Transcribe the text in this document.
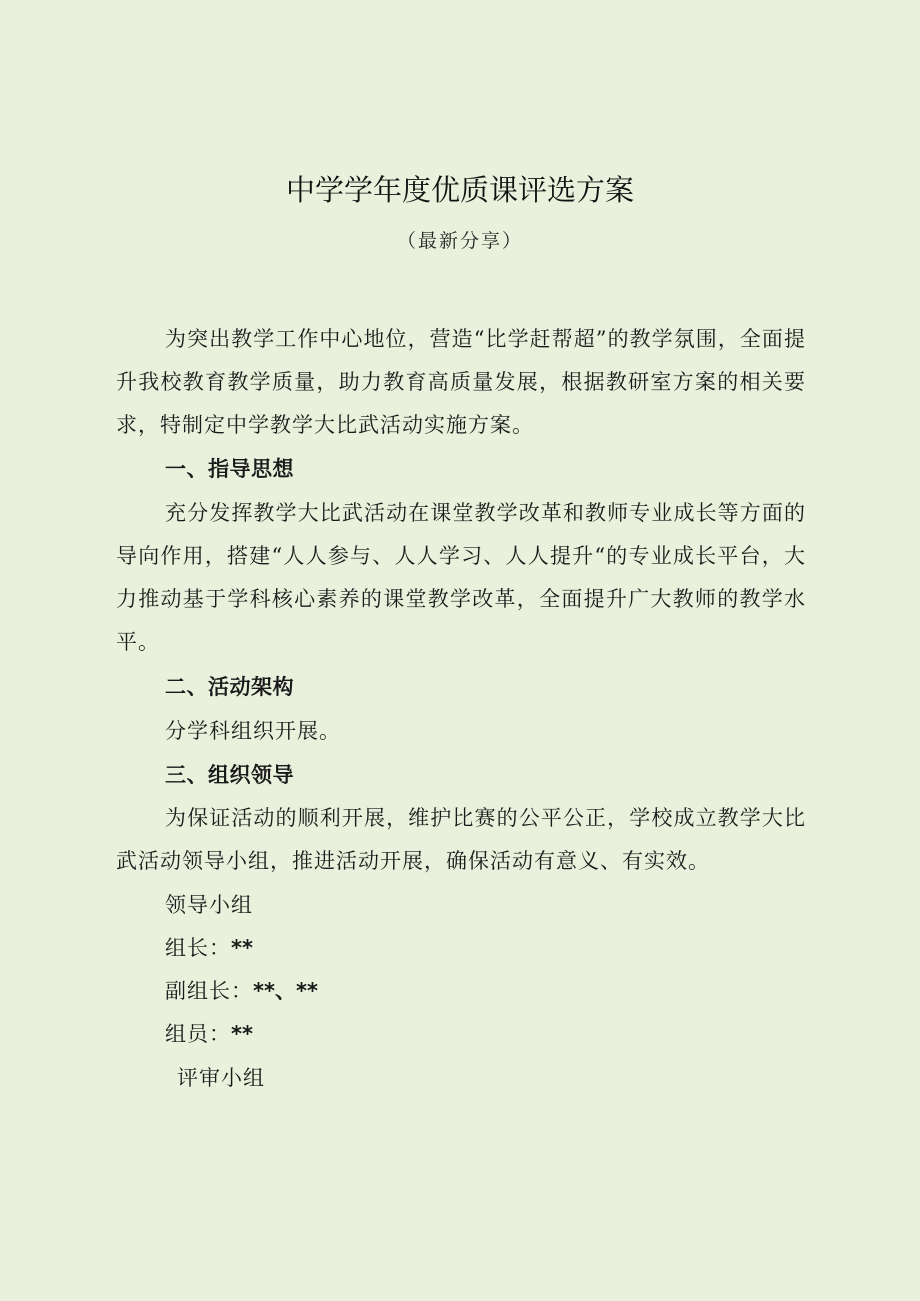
中学学年度优质课评选方案
（最新分享）
为突出教学工作中心地位，营造“比学赶帮超”的教学氛围，全面提升我校教育教学质量，助力教育高质量发展，根据教研室方案的相关要求，特制定中学教学大比武活动实施方案。
一、指导思想
充分发挥教学大比武活动在课堂教学改革和教师专业成长等方面的导向作用，搭建“人人参与、人人学习、人人提升“的专业成长平台，大力推动基于学科核心素养的课堂教学改革，全面提升广大教师的教学水平。
二、活动架构
分学科组织开展。
三、组织领导
为保证活动的顺利开展，维护比赛的公平公正，学校成立教学大比武活动领导小组，推进活动开展，确保活动有意义、有实效。
领导小组
组长：**
副组长：**、**
组员：**
评审小组
